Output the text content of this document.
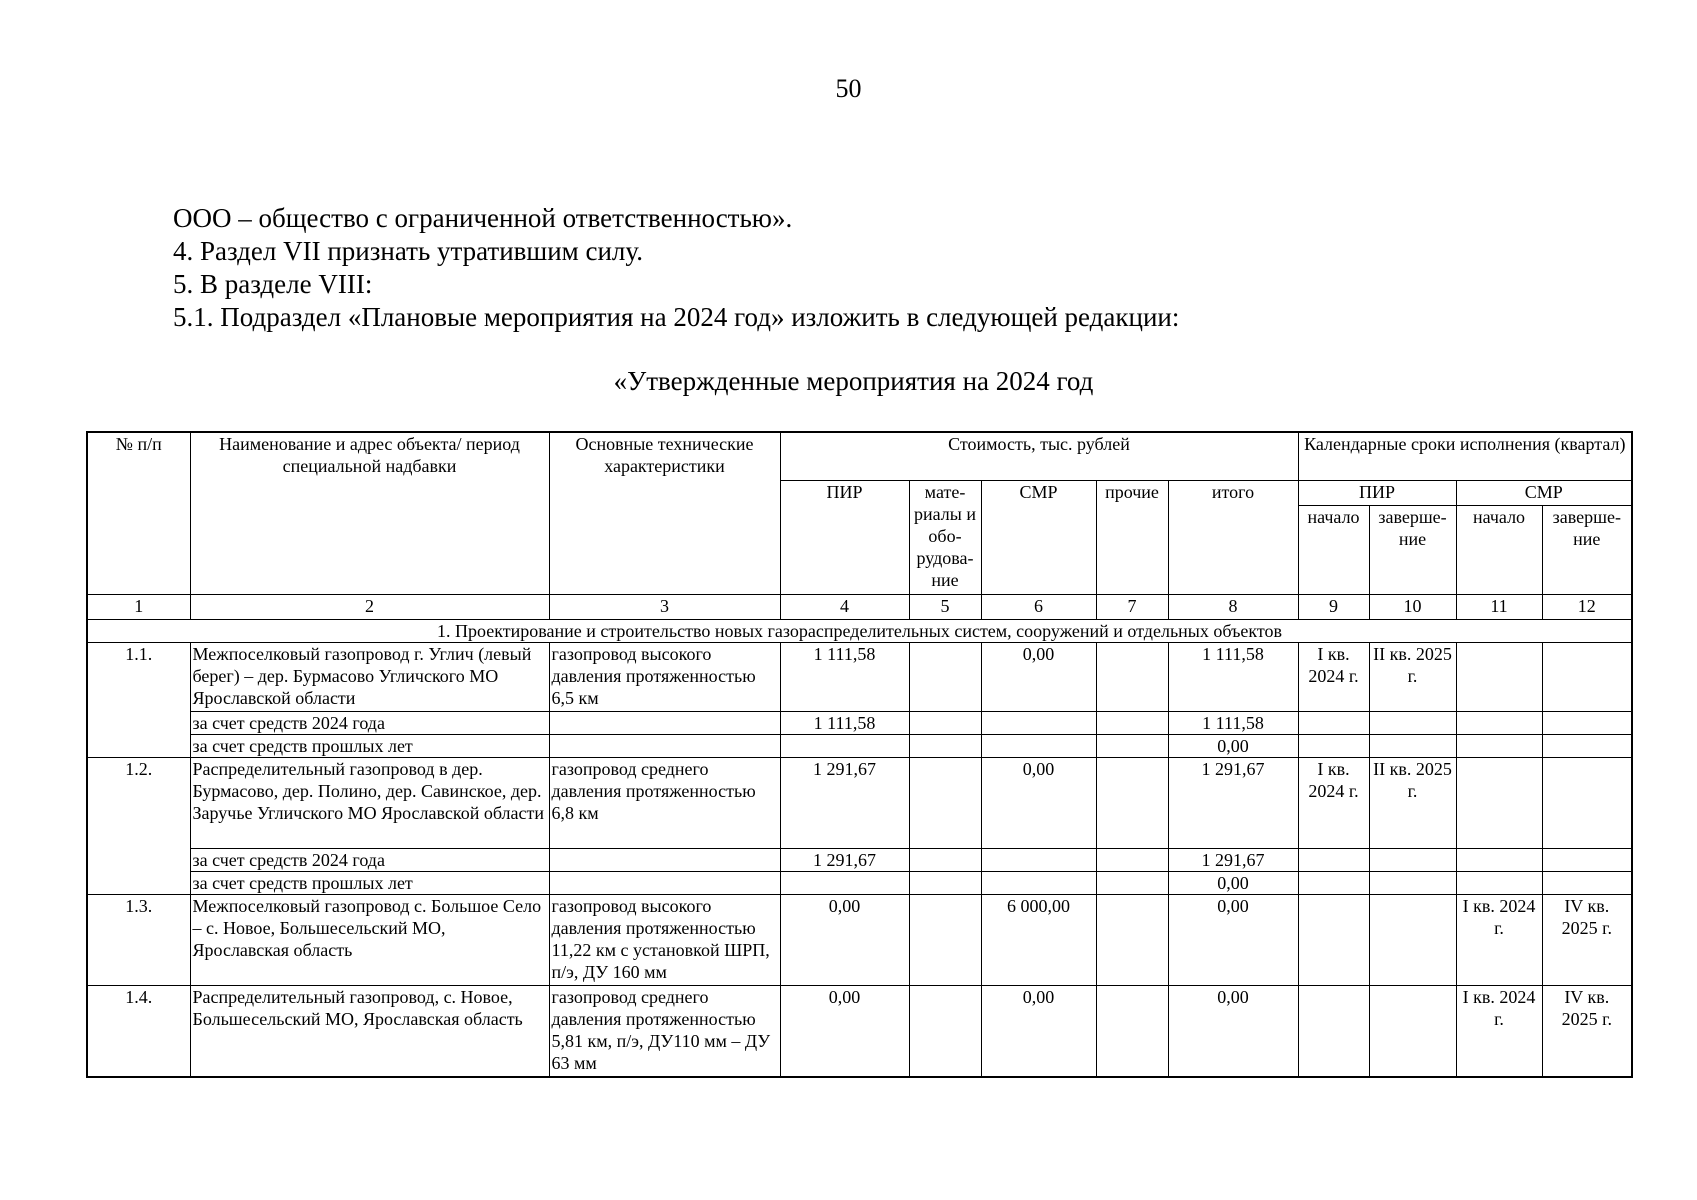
50

ООО – общество с ограниченной ответственностью».

4. Раздел VII признать утратившим силу.

5. В разделе VIII:

5.1. Подраздел «Плановые мероприятия на 2024 год» изложить в следующей редакции:

«Утвержденные мероприятия на 2024 год
№ п/п	Наименование и адрес объекта/ период специальной надбавки	Основные технические характеристики	Стоимость, тыс. рублей					Календарные сроки исполнения (квартал)			
			ПИР	мате-риалы и обо-рудова-ние	СМР	прочие	итого	ПИР		СМР	
								начало	заверше-ние	начало	заверше-ние
1	2	3	4	5	6	7	8	9	10	11	12
1. Проектирование и строительство новых газораспределительных систем, сооружений и отдельных объектов											
1.1.	Межпоселковый газопровод г. Углич (левый берег) – дер. Бурмасово Угличского МО Ярославской области	газопровод высокого давления протяженностью 6,5 км	1 111,58		0,00		1 111,58	I кв. 2024 г.	II кв. 2025 г.		
	за счет средств 2024 года		1 111,58				1 111,58				
	за счет средств прошлых лет						0,00				
1.2.	Распределительный газопровод в дер. Бурмасово, дер. Полино, дер. Савинское, дер. Заручье Угличского МО Ярославской области	газопровод среднего давления протяженностью 6,8 км	1 291,67		0,00		1 291,67	I кв. 2024 г.	II кв. 2025 г.		
	за счет средств 2024 года		1 291,67				1 291,67				
	за счет средств прошлых лет						0,00				
1.3.	Межпоселковый газопровод с. Большое Село – с. Новое, Большесельский МО, Ярославская область	газопровод высокого давления протяженностью 11,22 км с установкой ШРП, п/э, ДУ 160 мм	0,00		6 000,00		0,00			I кв. 2024 г.	IV кв. 2025 г.
1.4.	Распределительный газопровод, с. Новое, Большесельский МО, Ярославская область	газопровод среднего давления протяженностью 5,81 км, п/э, ДУ110 мм – ДУ 63 мм	0,00		0,00		0,00			I кв. 2024 г.	IV кв. 2025 г.
